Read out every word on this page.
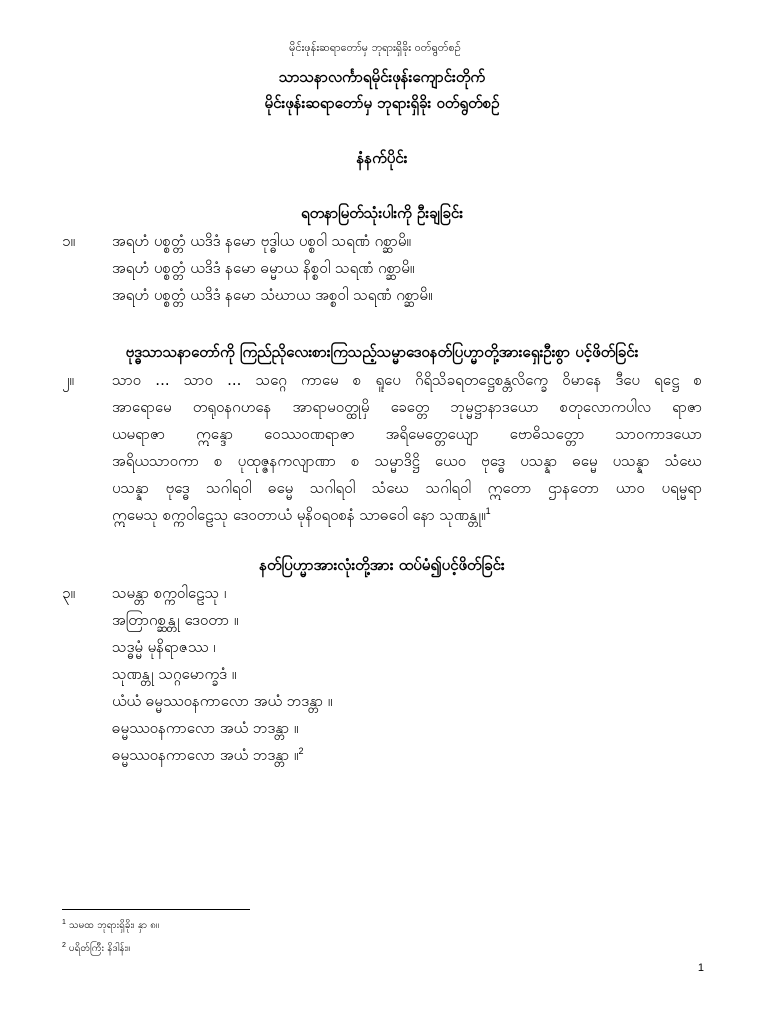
မိုင်းဖုန်းဆရာတော်မှ ဘုရားရှိခိုး ဝတ်ရွတ်စဉ်
သာသနာလင်္ကာရမိုင်းဖုန်းကျောင်းတိုက်
မိုင်းဖုန်းဆရာတော်မှ ဘုရားရှိခိုး ဝတ်ရွတ်စဉ်
နံနက်ပိုင်း
ရတနာမြတ်သုံးပါးကို ဦးချခြင်း
၁။	အရဟံ ပစ္စတ္တံ ယဒိဒံ နမော ဗုဒ္ဓါယ ပစ္စဝါ သရဏံ ဂစ္ဆာမိ။
အရဟံ ပစ္စတ္တံ ယဒိဒံ နမော ဓမ္မာယ နိစ္စဝါ သရဏံ ဂစ္ဆာမိ။
အရဟံ ပစ္စတ္တံ ယဒိဒံ နမော သံဃာယ အစ္စဝါ သရဏံ ဂစ္ဆာမိ။
ဗုဒ္ဓသာသနာတော်ကို ကြည်ညိုလေးစားကြသည့်သမ္မာဒေဝနတ်ပြဟ္မာတို့အားရှေးဦးစွာ ပင့်ဖိတ်ခြင်း
၂။	သာဝ ... သာဝ ... သဂ္ဂေ ကာမေ စ ရူပေ ဂိရိသိခရတဋ္ဌေစန္တလိက္ခေ ဝိမာနေ ဒီပေ ရဋ္ဌေ စ
အာရောမေ တရုဝနဂဟနေ အာရာမဝတ္ထုမှိ ခေတ္တေ ဘုမ္မဋ္ဌာနာဒယော စတုလောကပါလ ရာဇာ
ယမရာဇာ ဣန္ဒော ဝေဿဝဏရာဇာ အရိမေတ္တေယျော ဗောဓိသတ္တော သာဝကာဒယော
အရိယသာဝကာ စ ပုထုဇ္ဇနကလျာဏာ စ သမ္မာဒိဋ္ဌိ ယေဝ ဗုဒ္ဓေ ပသန္နာ ဓမ္မေ ပသန္နာ သံဃေ
ပသန္နာ ဗုဒ္ဓေ သဂါရဝါ ဓမ္မေ သဂါရဝါ သံဃေ သဂါရဝါ ဣတော ဌာနတော ယာဝ ပရမ္မရာ
ဣမေသု စက္ကဝါဠေသု ဒေဝတာယံ မုနိဝရဝစနံ သာဓဝေါ နော သုဏန္တု။$^1$
နတ်ပြဟ္မာအားလုံးတို့အား ထပ်မံ၍ပင့်ဖိတ်ခြင်း
၃။	သမန္တာ စက္ကဝါဠေသု ၊
အတြာဂစ္ဆန္တု ဒေဝတာ ။
သဒ္ဓမ္မံ မုနိရာဇဿ ၊
သုဏန္တု သဂ္ဂမောက္ခဒံ ။
ယံယံ ဓမ္မဿဝနကာလော အယံ ဘဒန္တာ ။
ဓမ္မဿဝနကာလော အယံ ဘဒန္တာ ။
ဓမ္မဿဝနကာလော အယံ ဘဒန္တာ ။$^2$
$^1$ သမထ ဘုရားရှိခိုး၊ နှာ ၈။
$^2$ ပရိတ်ကြီး နိဒါန်း။
1
